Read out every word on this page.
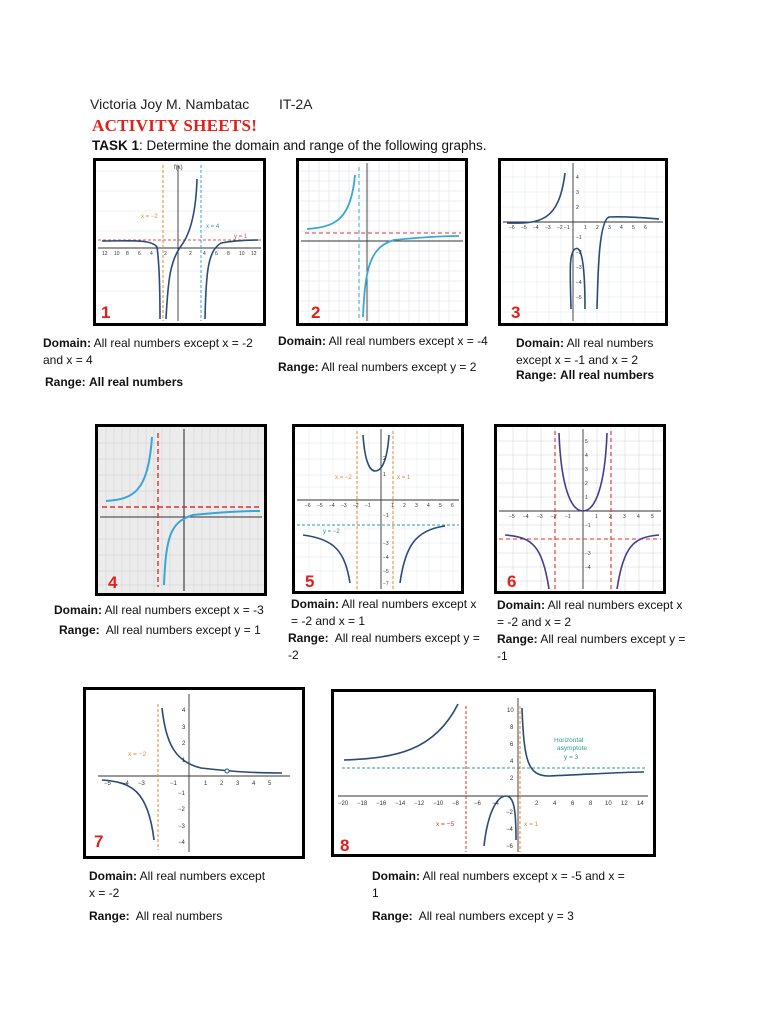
Victoria Joy M. Nambatac IT-2A
ACTIVITY SHEETS!
TASK 1: Determine the domain and range of the following graphs.
f(x)
x = −2
x = 4
y = 1
12 10 8 6 4 2	2 4 6 8 10 12
1	2
−6 −5 −4 −3 −2 −1	1 2 3 4 5 6
4
3
2
−1
−2
−3
−4
−5
3
Domain: All real numbers except x = -2 and x = 4

Range: All real numbers
Domain: All real numbers except x = -4

Range: All real numbers except y = 2
Domain: All real numbers except x = -1 and x = 2

Range: All real numbers
4
x = −2	x = 1
y = −2
−6 −5 −4 −3 −2 −1	1 2 3 4 5 6
2
1
−1
−3
−4
−5
−7
5
−5 −4 −3 −2 −1	1 2 3 4 5
5
4
3
2
1
−1
−3
−4
6
Domain: All real numbers except x = -3

Range: All real numbers except y = 1
Domain: All real numbers except x = -2 and x = 1
Range: All real numbers except y = -2
Domain: All real numbers except x = -2 and x = 2

Range: All real numbers except y = -1
x = −2
−5 −4 −3	−1	1 2 3 4 5
4
3
2
1
−1
−2
−3
−4
7
Horizontal
asymptote
y = 3
x = −5	x = 1
−20 −18 −16 −14 −12 −10 −8	−6 −4	2 4 6 8 10 12 14
10
8
6
4
2
−2
−4
−6
8
Domain: All real numbers except x = -2

Range: All real numbers
Domain: All real numbers except x = -5 and x = 1

Range: All real numbers except y = 3
